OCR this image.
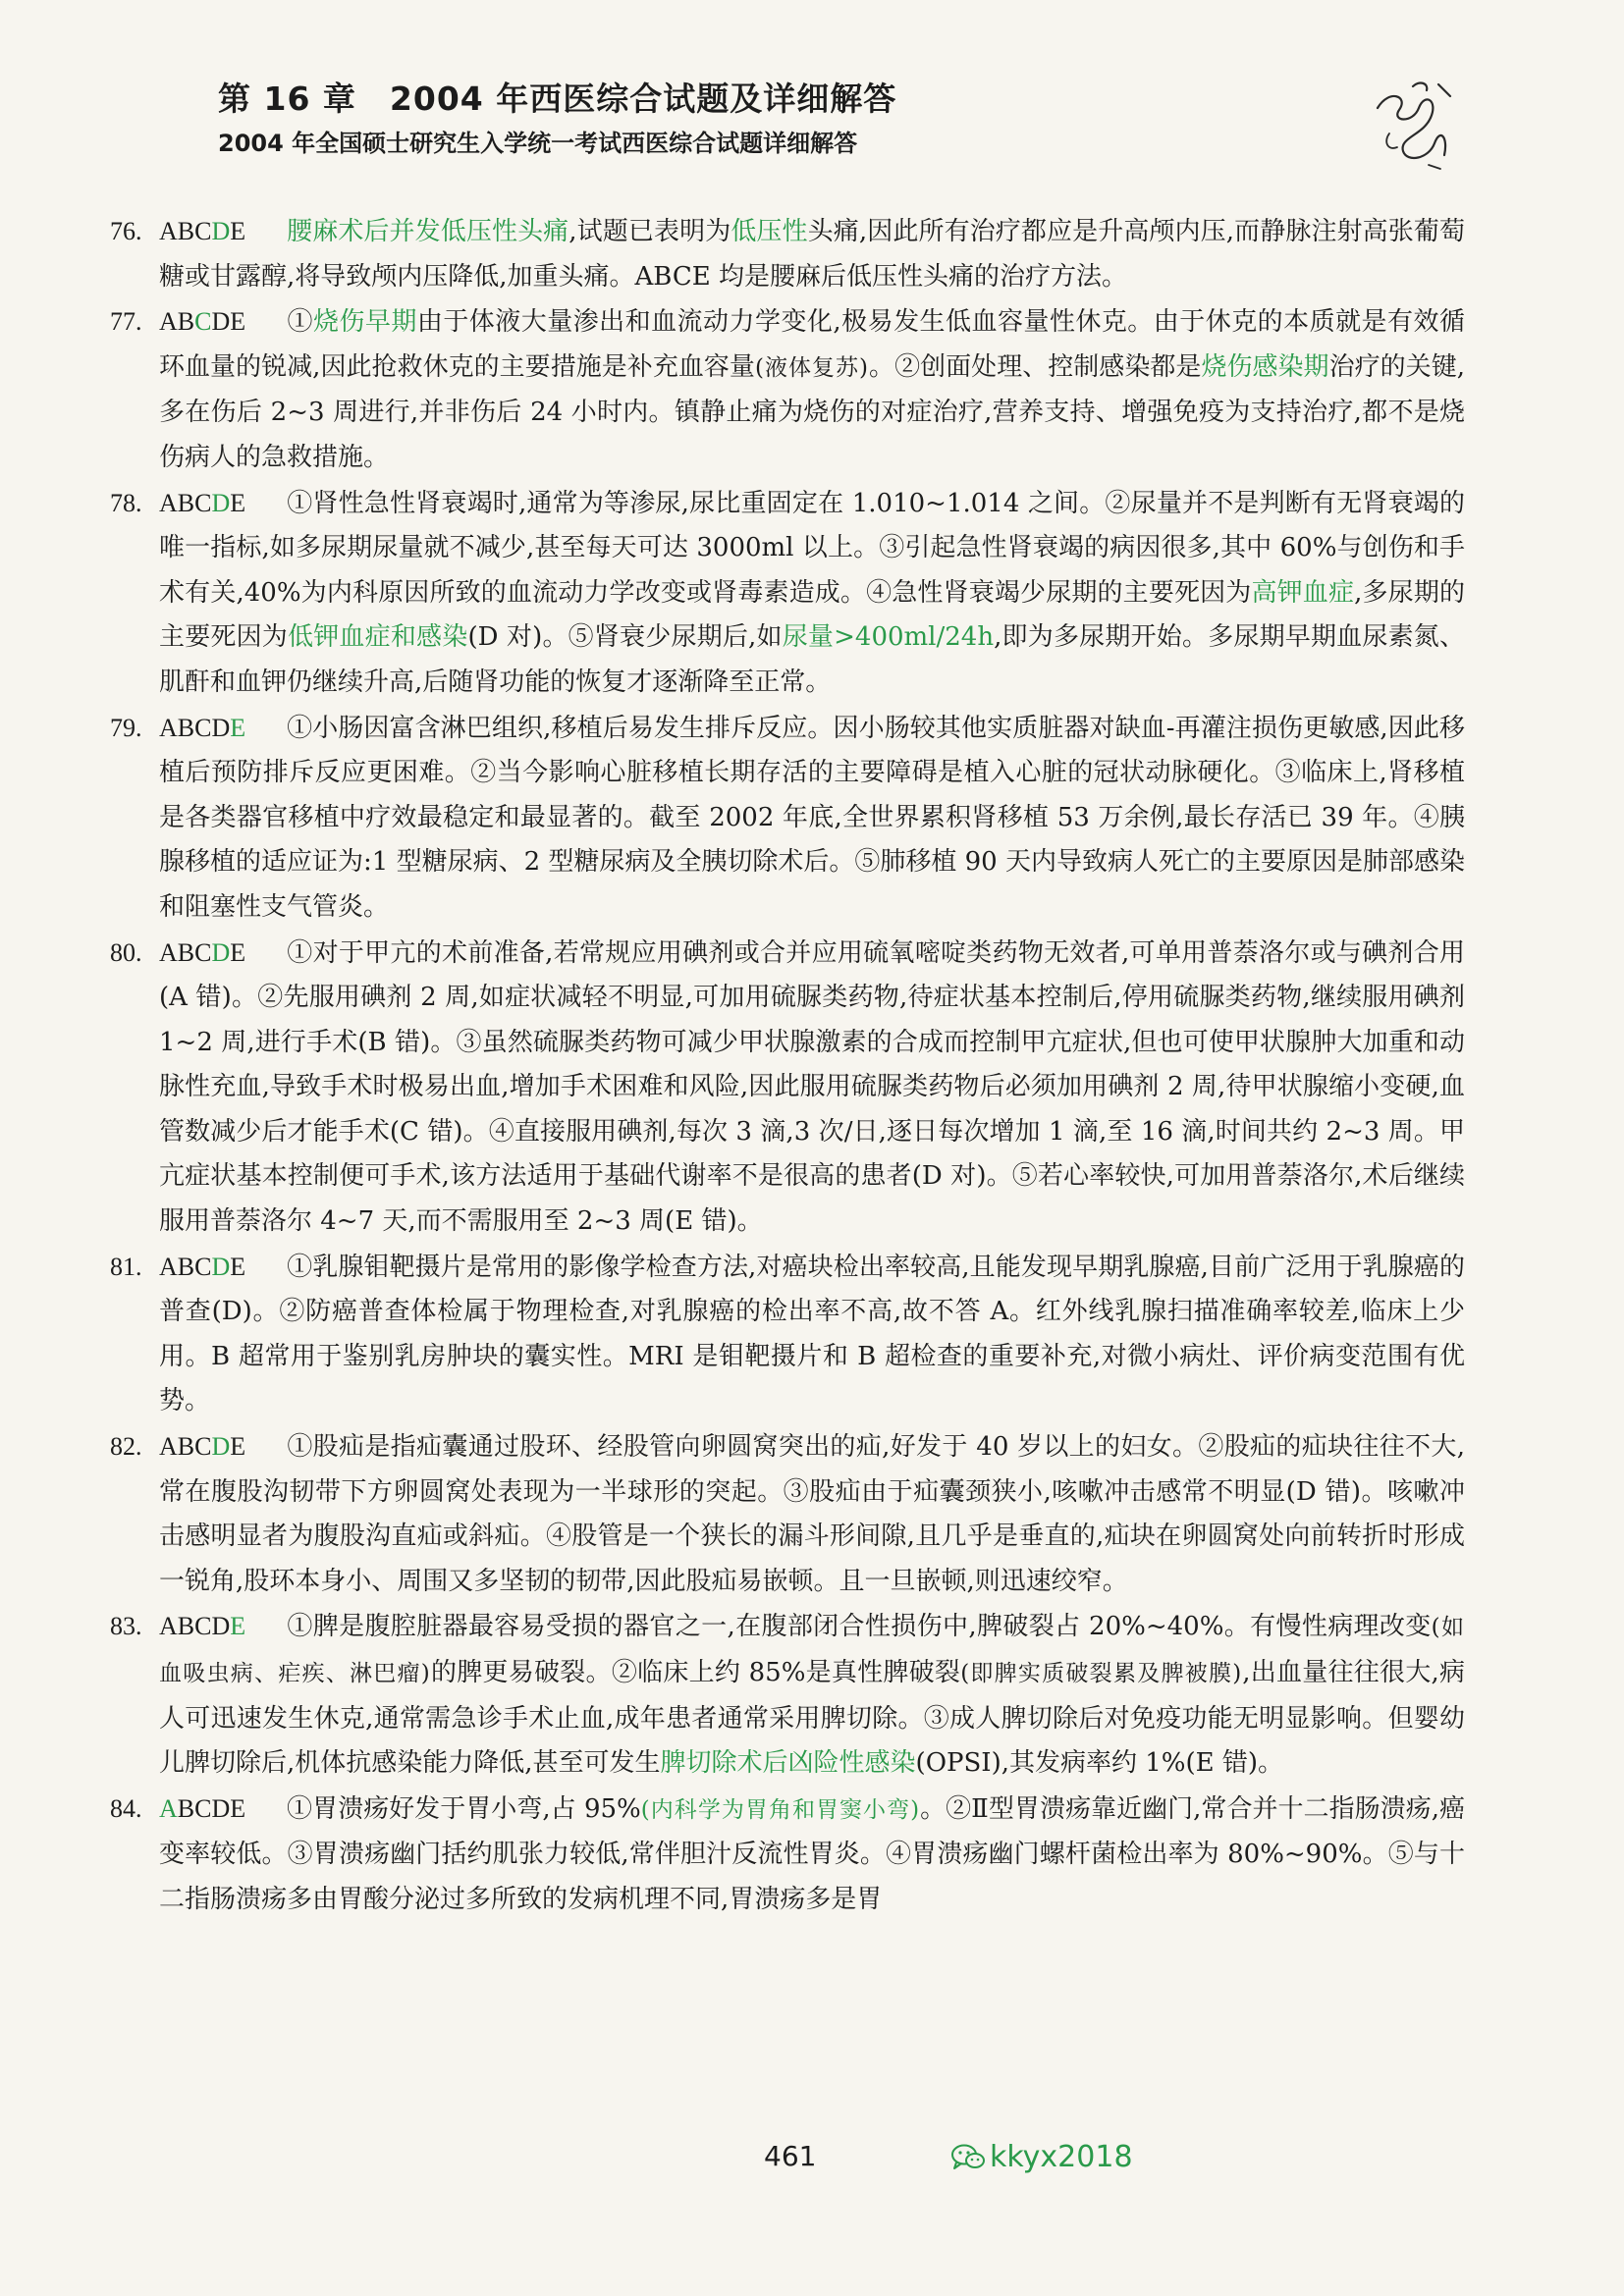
第 16 章　2004 年西医综合试题及详细解答
2004 年全国硕士研究生入学统一考试西医综合试题详细解答
76. ABCDE 腰麻术后并发低压性头痛,试题已表明为低压性头痛,因此所有治疗都应是升高颅内压,而静脉注射高张葡萄糖或甘露醇,将导致颅内压降低,加重头痛。ABCE 均是腰麻后低压性头痛的治疗方法。
77. ABCDE ①烧伤早期由于体液大量渗出和血流动力学变化,极易发生低血容量性休克。由于休克的本质就是有效循环血量的锐减,因此抢救休克的主要措施是补充血容量(液体复苏)。②创面处理、控制感染都是烧伤感染期治疗的关键,多在伤后 2~3 周进行,并非伤后 24 小时内。镇静止痛为烧伤的对症治疗,营养支持、增强免疫为支持治疗,都不是烧伤病人的急救措施。
78. ABCDE ①肾性急性肾衰竭时,通常为等渗尿,尿比重固定在 1.010~1.014 之间。②尿量并不是判断有无肾衰竭的唯一指标,如多尿期尿量就不减少,甚至每天可达 3000ml 以上。③引起急性肾衰竭的病因很多,其中 60%与创伤和手术有关,40%为内科原因所致的血流动力学改变或肾毒素造成。④急性肾衰竭少尿期的主要死因为高钾血症,多尿期的主要死因为低钾血症和感染(D 对)。⑤肾衰少尿期后,如尿量>400ml/24h,即为多尿期开始。多尿期早期血尿素氮、肌酐和血钾仍继续升高,后随肾功能的恢复才逐渐降至正常。
79. ABCDE ①小肠因富含淋巴组织,移植后易发生排斥反应。因小肠较其他实质脏器对缺血-再灌注损伤更敏感,因此移植后预防排斥反应更困难。②当今影响心脏移植长期存活的主要障碍是植入心脏的冠状动脉硬化。③临床上,肾移植是各类器官移植中疗效最稳定和最显著的。截至 2002 年底,全世界累积肾移植 53 万余例,最长存活已 39 年。④胰腺移植的适应证为:1 型糖尿病、2 型糖尿病及全胰切除术后。⑤肺移植 90 天内导致病人死亡的主要原因是肺部感染和阻塞性支气管炎。
80. ABCDE ①对于甲亢的术前准备,若常规应用碘剂或合并应用硫氧嘧啶类药物无效者,可单用普萘洛尔或与碘剂合用(A 错)。②先服用碘剂 2 周,如症状减轻不明显,可加用硫脲类药物,待症状基本控制后,停用硫脲类药物,继续服用碘剂 1~2 周,进行手术(B 错)。③虽然硫脲类药物可减少甲状腺激素的合成而控制甲亢症状,但也可使甲状腺肿大加重和动脉性充血,导致手术时极易出血,增加手术困难和风险,因此服用硫脲类药物后必须加用碘剂 2 周,待甲状腺缩小变硬,血管数减少后才能手术(C 错)。④直接服用碘剂,每次 3 滴,3 次/日,逐日每次增加 1 滴,至 16 滴,时间共约 2~3 周。甲亢症状基本控制便可手术,该方法适用于基础代谢率不是很高的患者(D 对)。⑤若心率较快,可加用普萘洛尔,术后继续服用普萘洛尔 4~7 天,而不需服用至 2~3 周(E 错)。
81. ABCDE ①乳腺钼靶摄片是常用的影像学检查方法,对癌块检出率较高,且能发现早期乳腺癌,目前广泛用于乳腺癌的普查(D)。②防癌普查体检属于物理检查,对乳腺癌的检出率不高,故不答 A。红外线乳腺扫描准确率较差,临床上少用。B 超常用于鉴别乳房肿块的囊实性。MRI 是钼靶摄片和 B 超检查的重要补充,对微小病灶、评价病变范围有优势。
82. ABCDE ①股疝是指疝囊通过股环、经股管向卵圆窝突出的疝,好发于 40 岁以上的妇女。②股疝的疝块往往不大,常在腹股沟韧带下方卵圆窝处表现为一半球形的突起。③股疝由于疝囊颈狭小,咳嗽冲击感常不明显(D 错)。咳嗽冲击感明显者为腹股沟直疝或斜疝。④股管是一个狭长的漏斗形间隙,且几乎是垂直的,疝块在卵圆窝处向前转折时形成一锐角,股环本身小、周围又多坚韧的韧带,因此股疝易嵌顿。且一旦嵌顿,则迅速绞窄。
83. ABCDE ①脾是腹腔脏器最容易受损的器官之一,在腹部闭合性损伤中,脾破裂占 20%~40%。有慢性病理改变(如血吸虫病、疟疾、淋巴瘤)的脾更易破裂。②临床上约 85%是真性脾破裂(即脾实质破裂累及脾被膜),出血量往往很大,病人可迅速发生休克,通常需急诊手术止血,成年患者通常采用脾切除。③成人脾切除后对免疫功能无明显影响。但婴幼儿脾切除后,机体抗感染能力降低,甚至可发生脾切除术后凶险性感染(OPSI),其发病率约 1%(E 错)。
84. ABCDE ①胃溃疡好发于胃小弯,占 95%(内科学为胃角和胃窦小弯)。②Ⅱ型胃溃疡靠近幽门,常合并十二指肠溃疡,癌变率较低。③胃溃疡幽门括约肌张力较低,常伴胆汁反流性胃炎。④胃溃疡幽门螺杆菌检出率为 80%~90%。⑤与十二指肠溃疡多由胃酸分泌过多所致的发病机理不同,胃溃疡多是胃
461	kkyx2018
